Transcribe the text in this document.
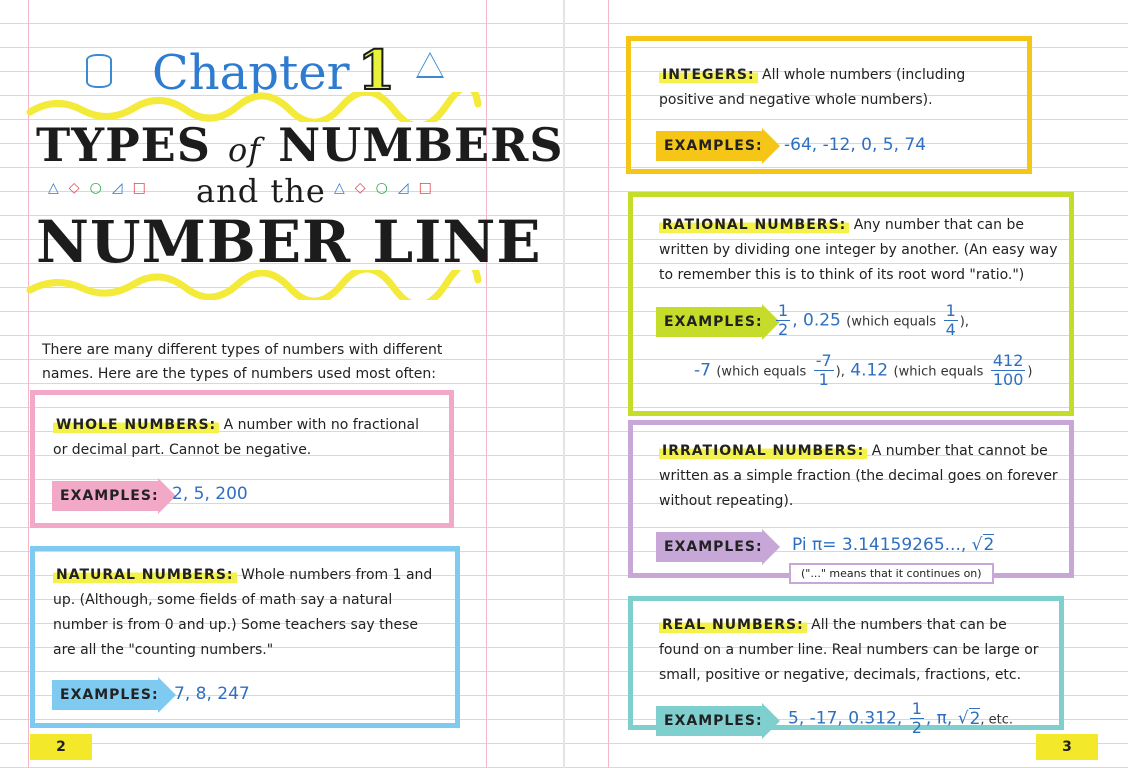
Chapter 1
TYPES of NUMBERS
△◇○◿□ and the △◇○◿□
NUMBER LINE
There are many different types of numbers with different names. Here are the types of numbers used most often:
WHOLE NUMBERS: A number with no fractional or decimal part. Cannot be negative.
EXAMPLES: 2, 5, 200
NATURAL NUMBERS: Whole numbers from 1 and up. (Although, some fields of math say a natural number is from 0 and up.) Some teachers say these are all the "counting numbers."
EXAMPLES: 7, 8, 247
2
INTEGERS: All whole numbers (including positive and negative whole numbers).
EXAMPLES: -64, -12, 0, 5, 74
RATIONAL NUMBERS: Any number that can be written by dividing one integer by another. (An easy way to remember this is to think of its root word "ratio.")
EXAMPLES: $\frac{1}{2}$ , 0.25 (which equals $\frac{1}{4}$ ),
-7 (which equals $\frac{-7}{1}$ ), 4.12 (which equals $\frac{412}{100}$ )
IRRATIONAL NUMBERS: A number that cannot be written as a simple fraction (the decimal goes on forever without repeating).
EXAMPLES: Pi π= 3.14159265..., √2
("..." means that it continues on)
REAL NUMBERS: All the numbers that can be found on a number line. Real numbers can be large or small, positive or negative, decimals, fractions, etc.
EXAMPLES: 5, -17, 0.312, $\frac{1}{2}$ , π, √2, etc.
3
